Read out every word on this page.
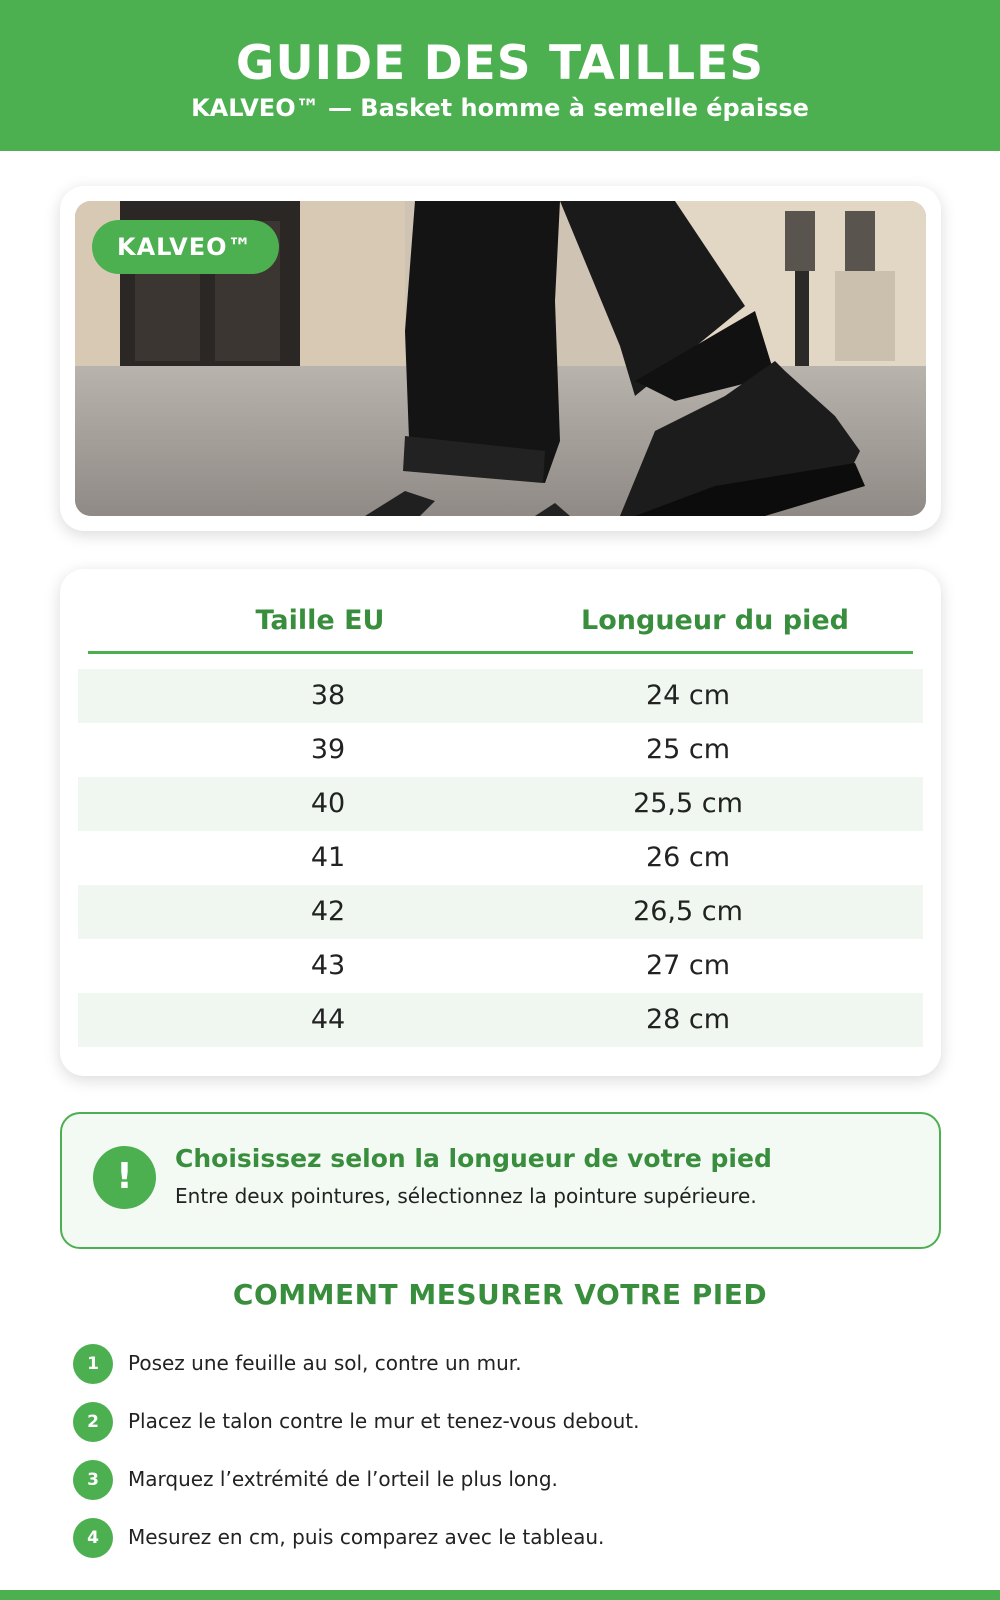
GUIDE DES TAILLES
KALVEO™ — Basket homme à semelle épaisse
KALVEO™
Taille EU	Longueur du pied
38	24 cm
39	25 cm
40	25,5 cm
41	26 cm
42	26,5 cm
43	27 cm
44	28 cm
!	Choisissez selon la longueur de votre pied
Entre deux pointures, sélectionnez la pointure supérieure.
COMMENT MESURER VOTRE PIED
1	Posez une feuille au sol, contre un mur.
2	Placez le talon contre le mur et tenez-vous debout.
3	Marquez l’extrémité de l’orteil le plus long.
4	Mesurez en cm, puis comparez avec le tableau.
